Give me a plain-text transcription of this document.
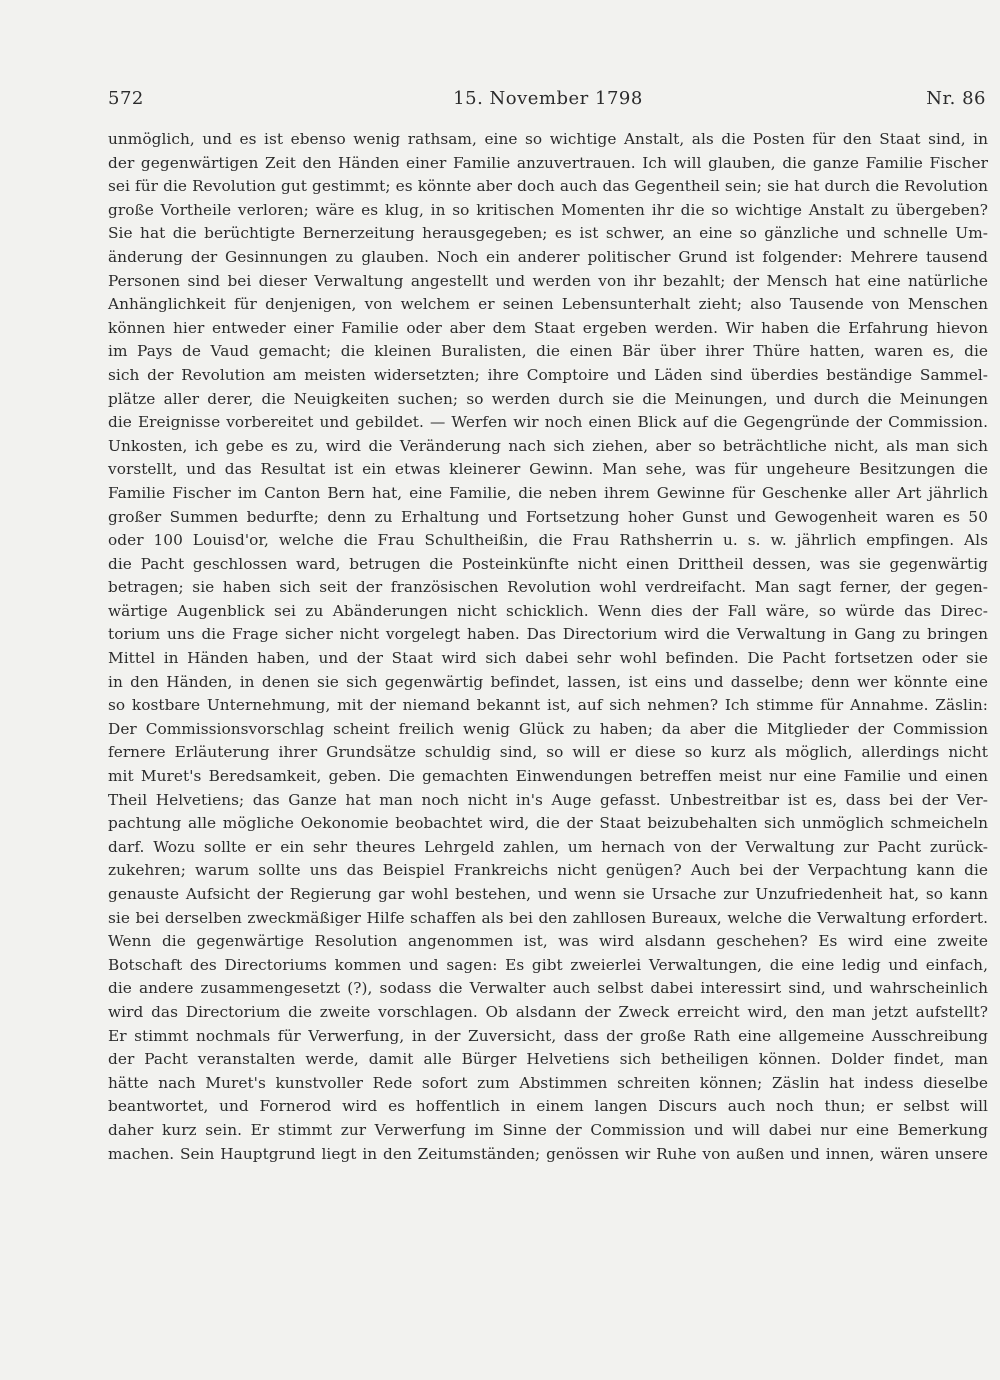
572	15. November 1798	Nr. 86
unmöglich, und es ist ebenso wenig rathsam, eine so wichtige Anstalt, als die Posten für den Staat sind, in
der gegenwärtigen Zeit den Händen einer Familie anzuvertrauen. Ich will glauben, die ganze Familie Fischer
sei für die Revolution gut gestimmt; es könnte aber doch auch das Gegentheil sein; sie hat durch die Revolution
große Vortheile verloren; wäre es klug, in so kritischen Momenten ihr die so wichtige Anstalt zu übergeben?
Sie hat die berüchtigte Bernerzeitung herausgegeben; es ist schwer, an eine so gänzliche und schnelle Um-
änderung der Gesinnungen zu glauben. Noch ein anderer politischer Grund ist folgender: Mehrere tausend
Personen sind bei dieser Verwaltung angestellt und werden von ihr bezahlt; der Mensch hat eine natürliche
Anhänglichkeit für denjenigen, von welchem er seinen Lebensunterhalt zieht; also Tausende von Menschen
können hier entweder einer Familie oder aber dem Staat ergeben werden. Wir haben die Erfahrung hievon
im Pays de Vaud gemacht; die kleinen Buralisten, die einen Bär über ihrer Thüre hatten, waren es, die
sich der Revolution am meisten widersetzten; ihre Comptoire und Läden sind überdies beständige Sammel-
plätze aller derer, die Neuigkeiten suchen; so werden durch sie die Meinungen, und durch die Meinungen
die Ereignisse vorbereitet und gebildet. — Werfen wir noch einen Blick auf die Gegengründe der Commission.
Unkosten, ich gebe es zu, wird die Veränderung nach sich ziehen, aber so beträchtliche nicht, als man sich
vorstellt, und das Resultat ist ein etwas kleinerer Gewinn. Man sehe, was für ungeheure Besitzungen die
Familie Fischer im Canton Bern hat, eine Familie, die neben ihrem Gewinne für Geschenke aller Art jährlich
großer Summen bedurfte; denn zu Erhaltung und Fortsetzung hoher Gunst und Gewogenheit waren es 50
oder 100 Louisd'or, welche die Frau Schultheißin, die Frau Rathsherrin u. s. w. jährlich empfingen. Als
die Pacht geschlossen ward, betrugen die Posteinkünfte nicht einen Drittheil dessen, was sie gegenwärtig
betragen; sie haben sich seit der französischen Revolution wohl verdreifacht. Man sagt ferner, der gegen-
wärtige Augenblick sei zu Abänderungen nicht schicklich. Wenn dies der Fall wäre, so würde das Direc-
torium uns die Frage sicher nicht vorgelegt haben. Das Directorium wird die Verwaltung in Gang zu bringen
Mittel in Händen haben, und der Staat wird sich dabei sehr wohl befinden. Die Pacht fortsetzen oder sie
in den Händen, in denen sie sich gegenwärtig befindet, lassen, ist eins und dasselbe; denn wer könnte eine
so kostbare Unternehmung, mit der niemand bekannt ist, auf sich nehmen? Ich stimme für Annahme. Zäslin:
Der Commissionsvorschlag scheint freilich wenig Glück zu haben; da aber die Mitglieder der Commission
fernere Erläuterung ihrer Grundsätze schuldig sind, so will er diese so kurz als möglich, allerdings nicht
mit Muret's Beredsamkeit, geben. Die gemachten Einwendungen betreffen meist nur eine Familie und einen
Theil Helvetiens; das Ganze hat man noch nicht in's Auge gefasst. Unbestreitbar ist es, dass bei der Ver-
pachtung alle mögliche Oekonomie beobachtet wird, die der Staat beizubehalten sich unmöglich schmeicheln
darf. Wozu sollte er ein sehr theures Lehrgeld zahlen, um hernach von der Verwaltung zur Pacht zurück-
zukehren; warum sollte uns das Beispiel Frankreichs nicht genügen? Auch bei der Verpachtung kann die
genauste Aufsicht der Regierung gar wohl bestehen, und wenn sie Ursache zur Unzufriedenheit hat, so kann
sie bei derselben zweckmäßiger Hilfe schaffen als bei den zahllosen Bureaux, welche die Verwaltung erfordert.
Wenn die gegenwärtige Resolution angenommen ist, was wird alsdann geschehen? Es wird eine zweite
Botschaft des Directoriums kommen und sagen: Es gibt zweierlei Verwaltungen, die eine ledig und einfach,
die andere zusammengesetzt (?), sodass die Verwalter auch selbst dabei interessirt sind, und wahrscheinlich
wird das Directorium die zweite vorschlagen. Ob alsdann der Zweck erreicht wird, den man jetzt aufstellt?
Er stimmt nochmals für Verwerfung, in der Zuversicht, dass der große Rath eine allgemeine Ausschreibung
der Pacht veranstalten werde, damit alle Bürger Helvetiens sich betheiligen können. Dolder findet, man
hätte nach Muret's kunstvoller Rede sofort zum Abstimmen schreiten können; Zäslin hat indess dieselbe
beantwortet, und Fornerod wird es hoffentlich in einem langen Discurs auch noch thun; er selbst will
daher kurz sein. Er stimmt zur Verwerfung im Sinne der Commission und will dabei nur eine Bemerkung
machen. Sein Hauptgrund liegt in den Zeitumständen; genössen wir Ruhe von außen und innen, wären unsere
